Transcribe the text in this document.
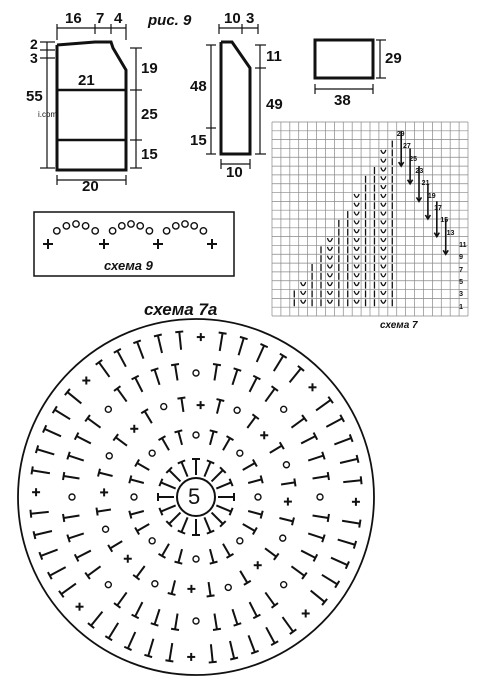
16 7 4
2
3
55
21
i.com
19
25
15
20
рис. 9 10 3
48
15
11
49
10
29
38
схема 9
29
27
25
23
21
19
17
15
13
11
9
7
5
3
1
схема 7
схема 7а
5
